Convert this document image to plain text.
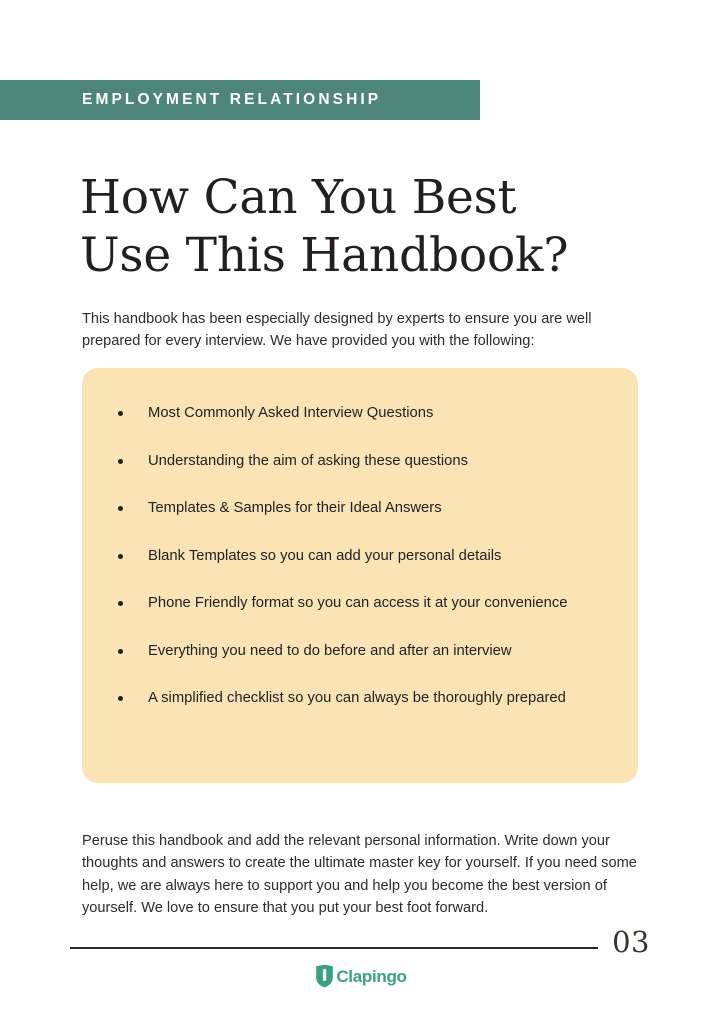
EMPLOYMENT RELATIONSHIP
How Can You Best
Use This Handbook?

This handbook has been especially designed by experts to ensure you are well prepared for every interview. We have provided you with the following:

Most Commonly Asked Interview Questions
Understanding the aim of asking these questions
Templates & Samples for their Ideal Answers
Blank Templates so you can add your personal details
Phone Friendly format so you can access it at your convenience
Everything you need to do before and after an interview
A simplified checklist so you can always be thoroughly prepared

Peruse this handbook and add the relevant personal information. Write down your thoughts and answers to create the ultimate master key for yourself. If you need some help, we are always here to support you and help you become the best version of yourself. We love to ensure that you put your best foot forward.

03
Clapingo
